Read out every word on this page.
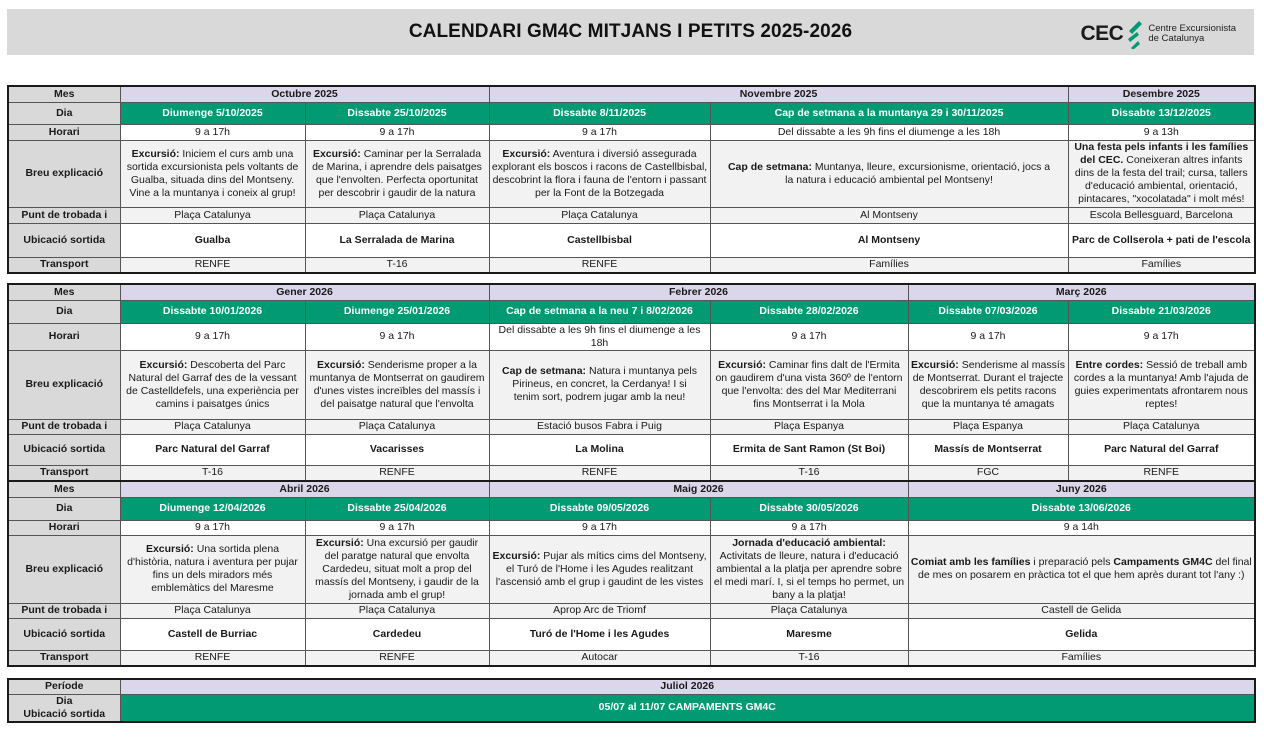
CALENDARI GM4C MITJANS I PETITS 2025-2026	CEC	Centre Excursionista
de Catalunya
Mes	Octubre 2025		Novembre 2025		Desembre 2025
Dia	Diumenge 5/10/2025	Dissabte 25/10/2025	Dissabte 8/11/2025	Cap de setmana a la muntanya 29 i 30/11/2025	Dissabte 13/12/2025
Horari	9 a 17h	9 a 17h	9 a 17h	Del dissabte a les 9h fins el diumenge a les 18h	9 a 13h
Breu explicació	Excursió: Iniciem el curs amb una sortida excursionista pels voltants de Gualba, situada dins del Montseny. Vine a la muntanya i coneix al grup!	Excursió: Caminar per la Serralada de Marina, i aprendre dels paisatges que l'envolten. Perfecta oportunitat per descobrir i gaudir de la natura	Excursió: Aventura i diversió assegurada explorant els boscos i racons de Castellbisbal, descobrint la flora i fauna de l'entorn i passant per la Font de la Botzegada	Cap de setmana: Muntanya, lleure, excursionisme, orientació, jocs a la natura i educació ambiental pel Montseny!	Una festa pels infants i les famílies del CEC. Coneixeran altres infants dins de la festa del trail; cursa, tallers d'educació ambiental, orientació, pintacares, "xocolatada" i molt més!
Punt de trobada i	Plaça Catalunya	Plaça Catalunya	Plaça Catalunya	Al Montseny	Escola Bellesguard, Barcelona
Ubicació sortida	Gualba	La Serralada de Marina	Castellbisbal	Al Montseny	Parc de Collserola + pati de l'escola
Transport	RENFE	T-16	RENFE	Famílies	Famílies
Mes	Gener 2026		Febrer 2026		Març 2026	
Dia	Dissabte 10/01/2026	Diumenge 25/01/2026	Cap de setmana a la neu 7 i 8/02/2026	Dissabte 28/02/2026	Dissabte 07/03/2026	Dissabte 21/03/2026
Horari	9 a 17h	9 a 17h	Del dissabte a les 9h fins el diumenge a les 18h	9 a 17h	9 a 17h	9 a 17h
Breu explicació	Excursió: Descoberta del Parc Natural del Garraf des de la vessant de Castelldefels, una experiència per camins i paisatges únics	Excursió: Senderisme proper a la muntanya de Montserrat on gaudirem d'unes vistes increïbles del massís i del paisatge natural que l'envolta	Cap de setmana: Natura i muntanya pels Pirineus, en concret, la Cerdanya! I si tenim sort, podrem jugar amb la neu!	Excursió: Caminar fins dalt de l'Ermita on gaudirem d'una vista 360º de l'entorn que l'envolta: des del Mar Mediterrani fins Montserrat i la Mola	Excursió: Senderisme al massís de Montserrat. Durant el trajecte descobrirem els petits racons que la muntanya té amagats	Entre cordes: Sessió de treball amb cordes a la muntanya! Amb l'ajuda de guies experimentats afrontarem nous reptes!
Punt de trobada i	Plaça Catalunya	Plaça Catalunya	Estació busos Fabra i Puig	Plaça Espanya	Plaça Espanya	Plaça Catalunya
Ubicació sortida	Parc Natural del Garraf	Vacarisses	La Molina	Ermita de Sant Ramon (St Boi)	Massís de Montserrat	Parc Natural del Garraf
Transport	T-16	RENFE	RENFE	T-16	FGC	RENFE
Mes	Abril 2026		Maig 2026		Juny 2026
Dia	Diumenge 12/04/2026	Dissabte 25/04/2026	Dissabte 09/05/2026	Dissabte 30/05/2026	Dissabte 13/06/2026
Horari	9 a 17h	9 a 17h	9 a 17h	9 a 17h	9 a 14h
Breu explicació	Excursió: Una sortida plena d'història, natura i aventura per pujar fins un dels miradors més emblemàtics del Maresme	Excursió: Una excursió per gaudir del paratge natural que envolta Cardedeu, situat molt a prop del massís del Montseny, i gaudir de la jornada amb el grup!	Excursió: Pujar als mítics cims del Montseny, el Turó de l'Home i les Agudes realitzant l'ascensió amb el grup i gaudint de les vistes	Jornada d'educació ambiental: Activitats de lleure, natura i d'educació ambiental a la platja per aprendre sobre el medi marí. I, si el temps ho permet, un bany a la platja!	Comiat amb les famílies i preparació pels Campaments GM4C del final de mes on posarem en pràctica tot el que hem après durant tot l'any :)
Punt de trobada i	Plaça Catalunya	Plaça Catalunya	Aprop Arc de Triomf	Plaça Catalunya	Castell de Gelida
Ubicació sortida	Castell de Burriac	Cardedeu	Turó de l'Home i les Agudes	Maresme	Gelida
Transport	RENFE	RENFE	Autocar	T-16	Famílies
Període	Juliol 2026
Dia	05/07 al 11/07 CAMPAMENTS GM4C
Ubicació sortida	
